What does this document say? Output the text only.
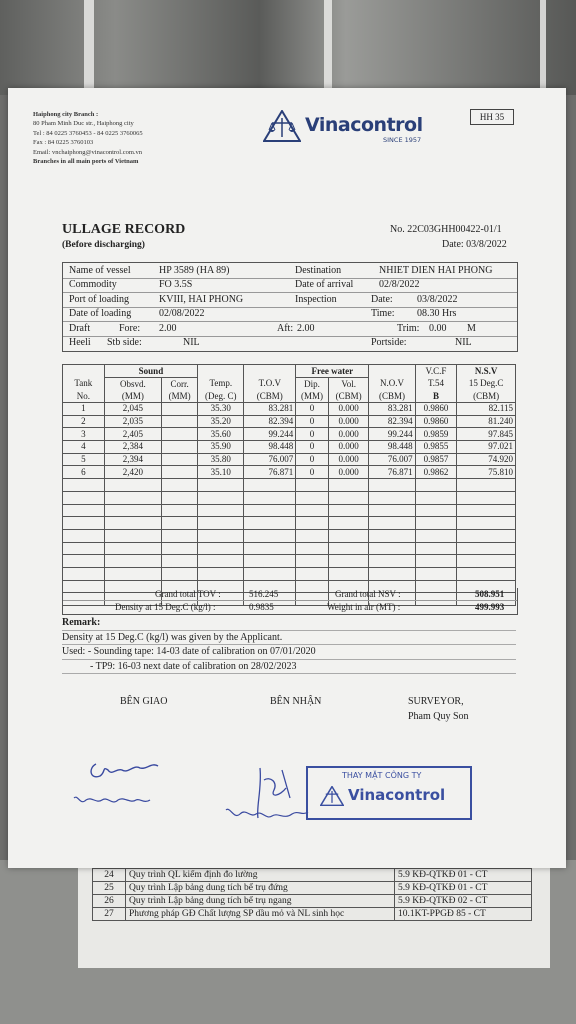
24	Quy trình QL kiểm định đo lường	5.9 KĐ-QTKĐ 01 - CT
25	Quy trình Lập bảng dung tích bể trụ đứng	5.9 KĐ-QTKĐ 01 - CT
26	Quy trình Lập bảng dung tích bể trụ ngang	5.9 KĐ-QTKĐ 02 - CT
27	Phương pháp GĐ Chất lượng SP dầu mỏ và NL sinh học	10.1KT-PPGĐ 85 - CT
Haiphong city Branch :
80 Pham Minh Duc str., Haiphong city
Tel : 84 0225 3760453 - 84 0225 3760065
Fax : 84 0225 3760103
Email: vnchaiphong@vinacontrol.com.vn
Branches in all main ports of Vietnam
Vinacontrol
SINCE 1957
HH 35
ULLAGE RECORD
(Before discharging)
No. 22C03GHH00422-01/1
Date: 03/8/2022
Name of vessel	HP 3589 (HA 89)	Destination	NHIET DIEN HAI PHONG
Commodity	FO 3.5S	Date of arrival	02/8/2022
Port of loading	KVIII, HAI PHONG	Inspection	Date: 03/8/2022
Date of loading	02/08/2022	Time: 08.30 Hrs
Draft	Fore: 2.00	Aft: 2.00	Trim: 0.00 M
Heeli Stb side:	NIL	Portside:	NIL
	Sound				Free water			V.C.F	N.S.V
Tank	Obsvd.	Corr.	Temp.	T.O.V	Dip.	Vol.	N.O.V	T.54	15 Deg.C
No.	(MM)	(MM)	(Deg. C)	(CBM)	(MM)	(CBM)	(CBM)	B	(CBM)
1	2,045		35.30	83.281	0	0.000	83.281	0.9860	82.115
2	2,035		35.20	82.394	0	0.000	82.394	0.9860	81.240
3	2,405		35.60	99.244	0	0.000	99.244	0.9859	97.845
4	2,384		35.90	98.448	0	0.000	98.448	0.9855	97.021
5	2,394		35.80	76.007	0	0.000	76.007	0.9857	74.920
6	2,420		35.10	76.871	0	0.000	76.871	0.9862	75.810

Grand total TOV :	516.245	Grand total NSV :	508.951
Density at 15 Deg.C (kg/l) :	0.9835	Weight in air (MT) :	499.993
Remark:
Density at 15 Deg.C (kg/l) was given by the Applicant.
Used: - Sounding tape: 14-03 date of calibration on 07/01/2020
- TP9: 16-03 next date of calibration on 28/02/2023
BÊN GIAO	BÊN NHẬN	SURVEYOR,
Pham Quy Son
THAY MẶT CÔNG TY
Vinacontrol
